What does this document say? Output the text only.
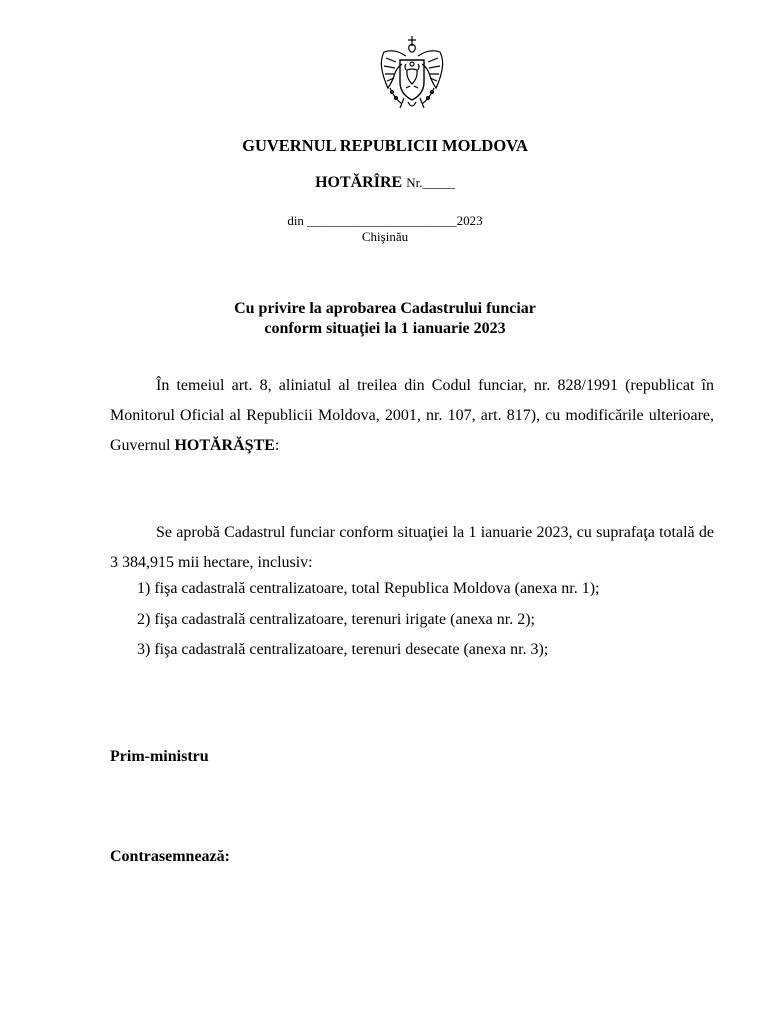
GUVERNUL REPUBLICII MOLDOVA
HOTĂRÎRE Nr._____
din _______________________2023
Chişinău
Cu privire la aprobarea Cadastrului funciar
conform situaţiei la 1 ianuarie 2023
În temeiul art. 8, aliniatul al treilea din Codul funciar, nr. 828/1991 (republicat în Monitorul Oficial al Republicii Moldova, 2001, nr. 107, art. 817), cu modificările ulterioare, Guvernul HOTĂRĂŞTE:
Se aprobă Cadastrul funciar conform situaţiei la 1 ianuarie 2023, cu suprafaţa totală de 3 384,915 mii hectare, inclusiv:
1) fişa cadastrală centralizatoare, total Republica Moldova (anexa nr. 1);
2) fişa cadastrală centralizatoare, terenuri irigate (anexa nr. 2);
3) fişa cadastrală centralizatoare, terenuri desecate (anexa nr. 3);
Prim-ministru
Contrasemnează:
